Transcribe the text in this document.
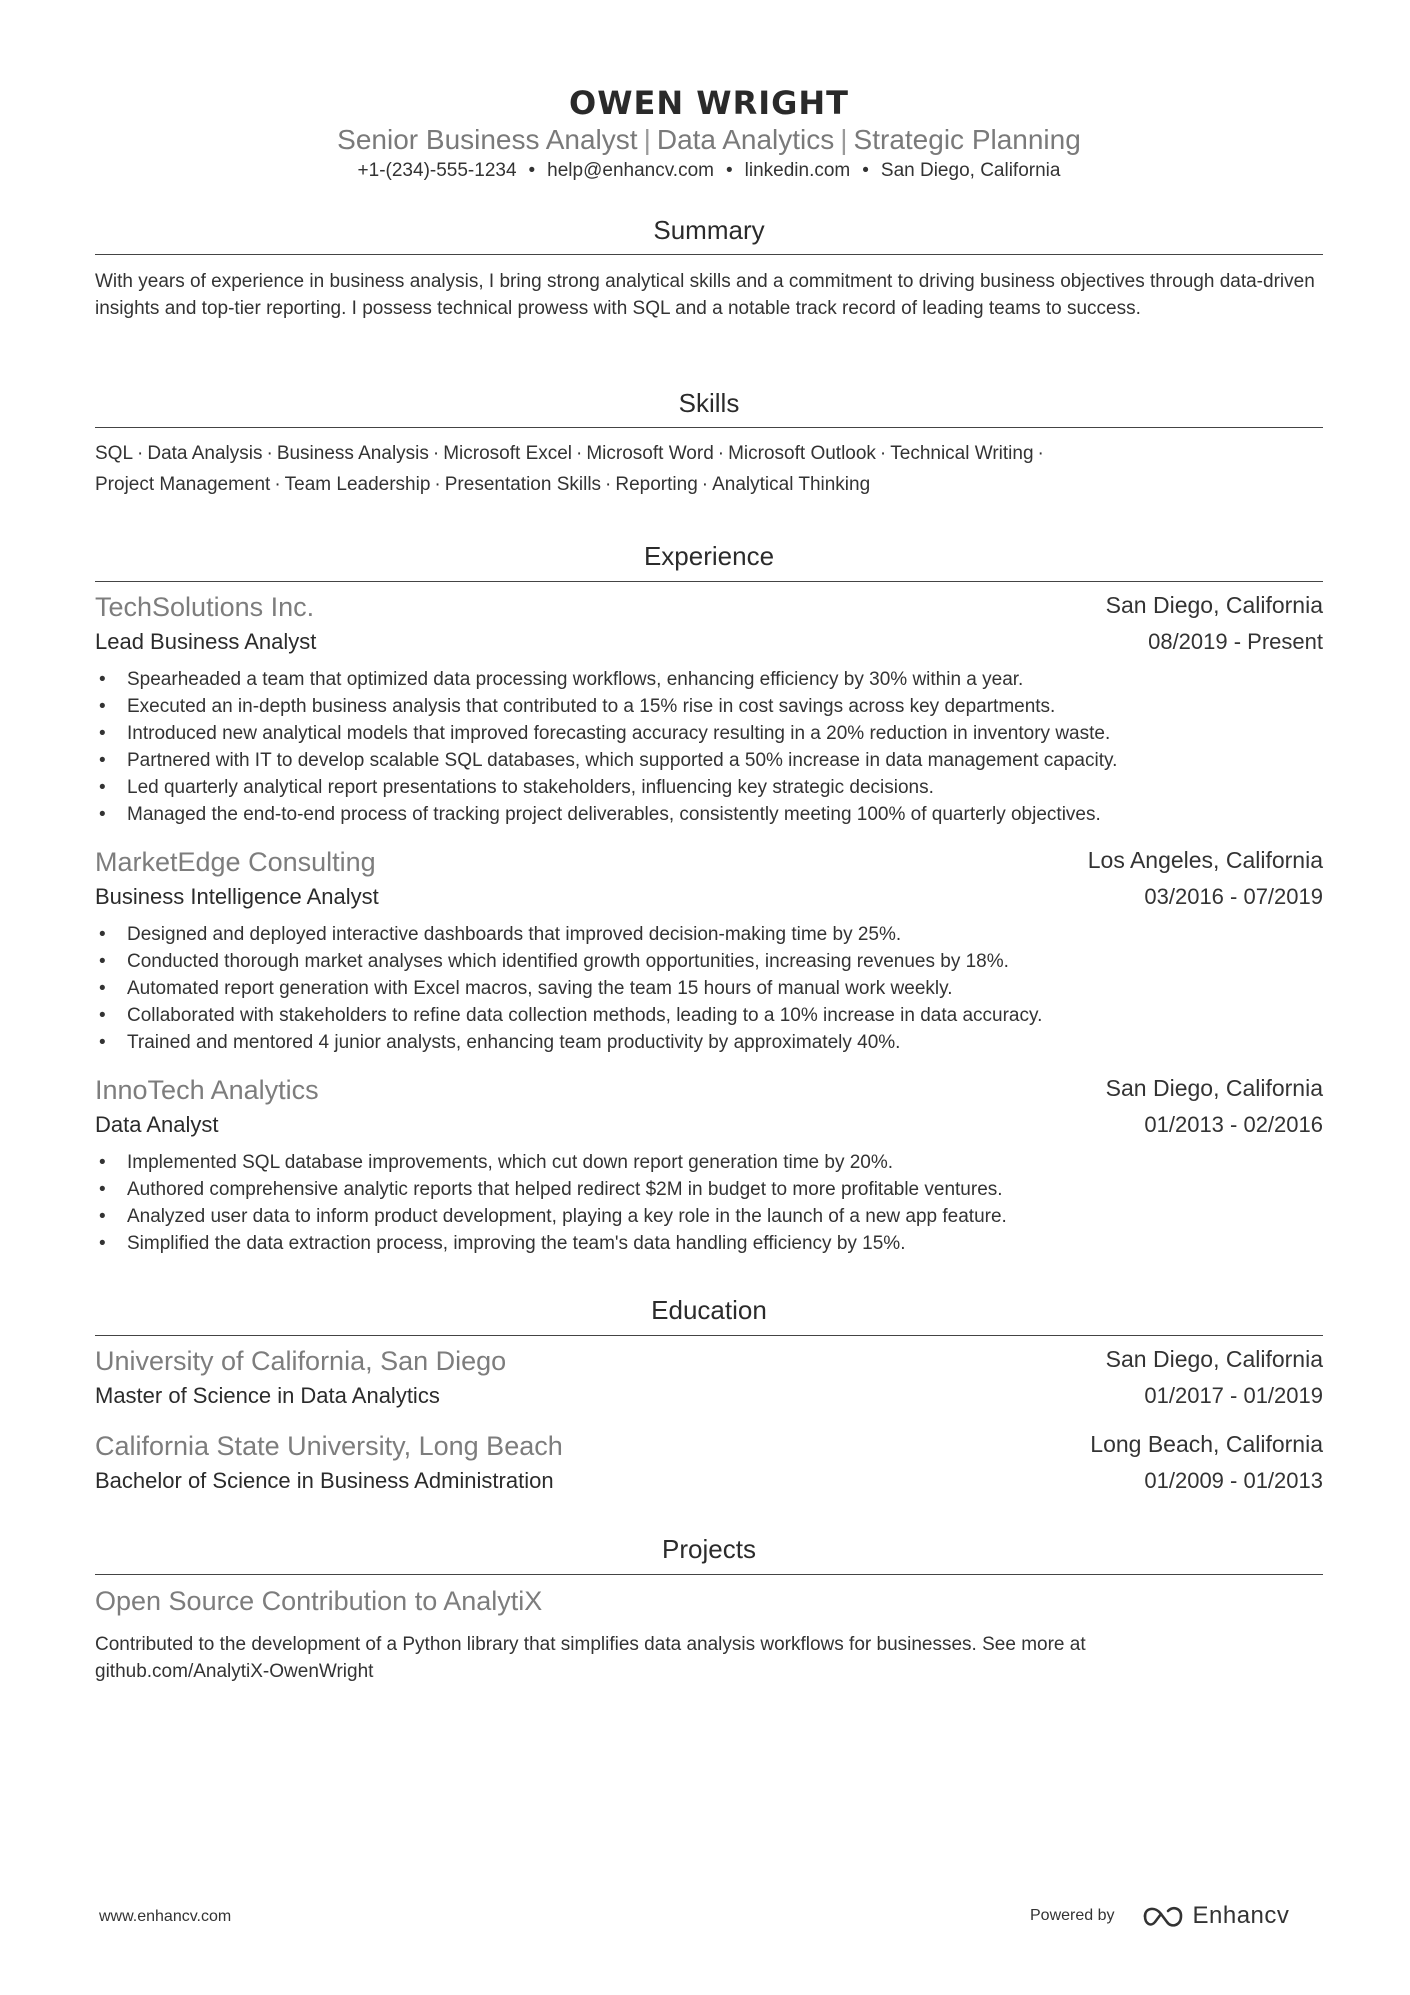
OWEN WRIGHT
Senior Business Analyst | Data Analytics | Strategic Planning
+1-(234)-555-1234 • help@enhancv.com • linkedin.com • San Diego, California
Summary
With years of experience in business analysis, I bring strong analytical skills and a commitment to driving business objectives through data-driven insights and top-tier reporting. I possess technical prowess with SQL and a notable track record of leading teams to success.
Skills
SQL · Data Analysis · Business Analysis · Microsoft Excel · Microsoft Word · Microsoft Outlook · Technical Writing ·
Project Management · Team Leadership · Presentation Skills · Reporting · Analytical Thinking
Experience
TechSolutions Inc.	San Diego, California
Lead Business Analyst	08/2019 - Present
• Spearheaded a team that optimized data processing workflows, enhancing efficiency by 30% within a year.
• Executed an in-depth business analysis that contributed to a 15% rise in cost savings across key departments.
• Introduced new analytical models that improved forecasting accuracy resulting in a 20% reduction in inventory waste.
• Partnered with IT to develop scalable SQL databases, which supported a 50% increase in data management capacity.
• Led quarterly analytical report presentations to stakeholders, influencing key strategic decisions.
• Managed the end-to-end process of tracking project deliverables, consistently meeting 100% of quarterly objectives.
MarketEdge Consulting	Los Angeles, California
Business Intelligence Analyst	03/2016 - 07/2019
• Designed and deployed interactive dashboards that improved decision-making time by 25%.
• Conducted thorough market analyses which identified growth opportunities, increasing revenues by 18%.
• Automated report generation with Excel macros, saving the team 15 hours of manual work weekly.
• Collaborated with stakeholders to refine data collection methods, leading to a 10% increase in data accuracy.
• Trained and mentored 4 junior analysts, enhancing team productivity by approximately 40%.
InnoTech Analytics	San Diego, California
Data Analyst	01/2013 - 02/2016
• Implemented SQL database improvements, which cut down report generation time by 20%.
• Authored comprehensive analytic reports that helped redirect $2M in budget to more profitable ventures.
• Analyzed user data to inform product development, playing a key role in the launch of a new app feature.
• Simplified the data extraction process, improving the team's data handling efficiency by 15%.
Education
University of California, San Diego	San Diego, California
Master of Science in Data Analytics	01/2017 - 01/2019
California State University, Long Beach	Long Beach, California
Bachelor of Science in Business Administration	01/2009 - 01/2013
Projects
Open Source Contribution to AnalytiX
Contributed to the development of a Python library that simplifies data analysis workflows for businesses. See more at github.com/AnalytiX-OwenWright
www.enhancv.com	Powered by	Enhancv
